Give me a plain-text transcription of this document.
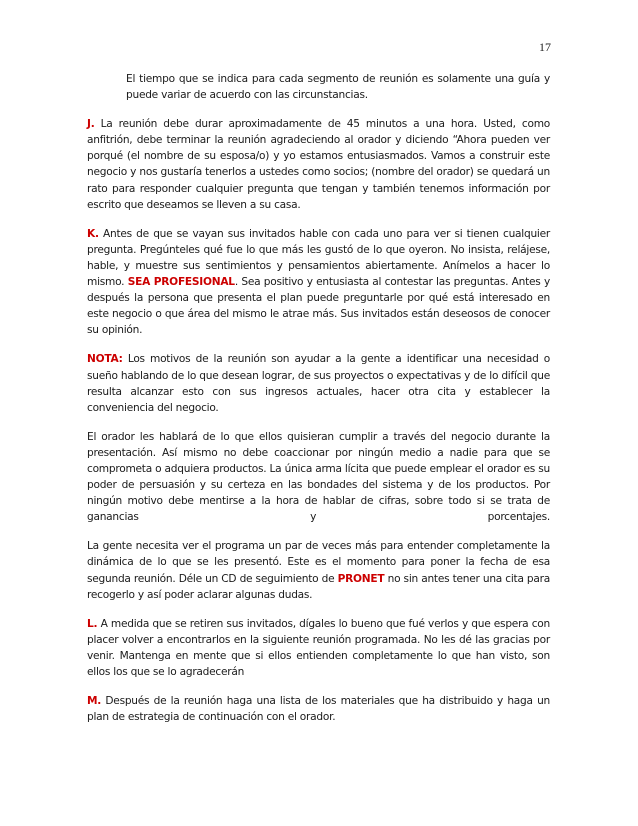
17

El tiempo que se indica para cada segmento de reunión es solamente una guía y puede variar de acuerdo con las circunstancias.

J. La reunión debe durar aproximadamente de 45 minutos a una hora. Usted, como anfitrión, debe terminar la reunión agradeciendo al orador y diciendo “Ahora pueden ver porqué (el nombre de su esposa/o) y yo estamos entusiasmados. Vamos a construir este negocio y nos gustaría tenerlos a ustedes como socios; (nombre del orador) se quedará un rato para responder cualquier pregunta que tengan y también tenemos información por escrito que deseamos se lleven a su casa.

K. Antes de que se vayan sus invitados hable con cada uno para ver si tienen cualquier pregunta. Pregúnteles qué fue lo que más les gustó de lo que oyeron. No insista, relájese, hable, y muestre sus sentimientos y pensamientos abiertamente. Anímelos a hacer lo mismo. SEA PROFESIONAL. Sea positivo y entusiasta al contestar las preguntas. Antes y después la persona que presenta el plan puede preguntarle por qué está interesado en este negocio o que área del mismo le atrae más. Sus invitados están deseosos de conocer su opinión.

NOTA: Los motivos de la reunión son ayudar a la gente a identificar una necesidad o sueño hablando de lo que desean lograr, de sus proyectos o expectativas y de lo difícil que resulta alcanzar esto con sus ingresos actuales, hacer otra cita y establecer la conveniencia del negocio.

El orador les hablará de lo que ellos quisieran cumplir a través del negocio durante la presentación. Así mismo no debe coaccionar por ningún medio a nadie para que se comprometa o adquiera productos. La única arma lícita que puede emplear el orador es su poder de persuasión y su certeza en las bondades del sistema y de los productos. Por ningún motivo debe mentirse a la hora de hablar de cifras, sobre todo si se trata de ganancias y porcentajes.

La gente necesita ver el programa un par de veces más para entender completamente la dinámica de lo que se les presentó. Este es el momento para poner la fecha de esa segunda reunión. Déle un CD de seguimiento de PRONET no sin antes tener una cita para recogerlo y así poder aclarar algunas dudas.

L. A medida que se retiren sus invitados, dígales lo bueno que fué verlos y que espera con placer volver a encontrarlos en la siguiente reunión programada. No les dé las gracias por venir. Mantenga en mente que si ellos entienden completamente lo que han visto, son ellos los que se lo agradecerán

M. Después de la reunión haga una lista de los materiales que ha distribuido y haga un plan de estrategia de continuación con el orador.
